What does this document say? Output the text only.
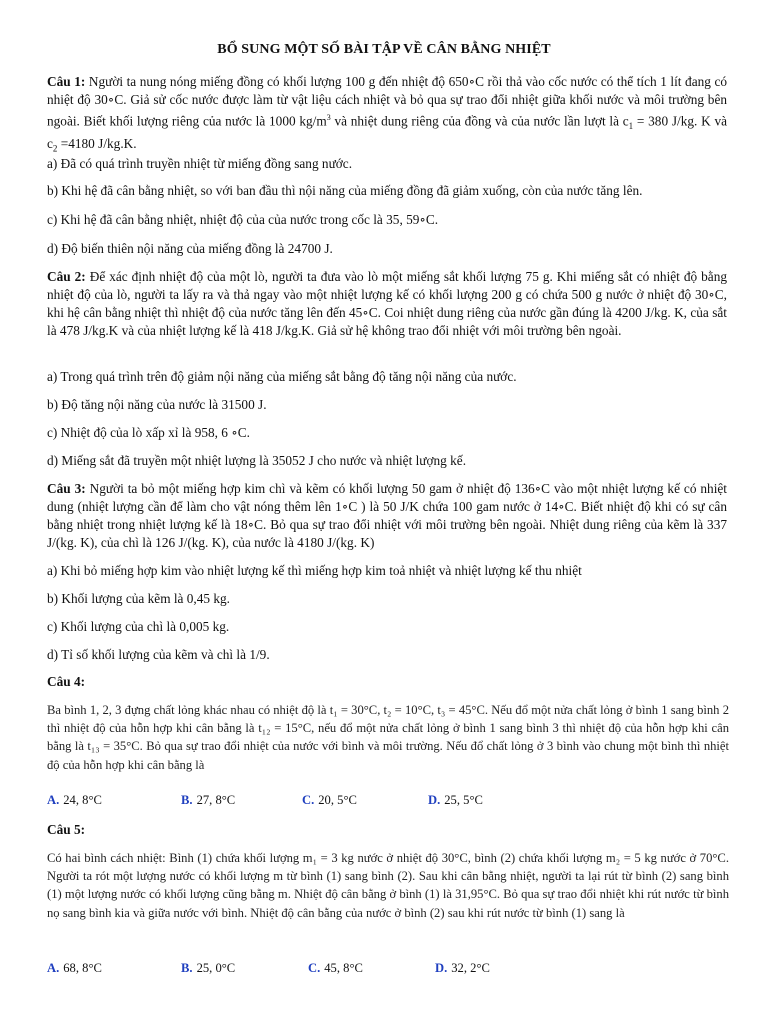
BỔ SUNG MỘT SỐ BÀI TẬP VỀ CÂN BẰNG NHIỆT
Câu 1: Người ta nung nóng miếng đồng có khối lượng 100 g đến nhiệt độ 650∘C rồi thả vào cốc nước có thể tích 1 lít đang có nhiệt độ 30∘C. Giả sử cốc nước được làm từ vật liệu cách nhiệt và bỏ qua sự trao đổi nhiệt giữa khối nước và môi trường bên ngoài. Biết khối lượng riêng của nước là 1000 $kg/m^3$ và nhiệt dung riêng của đồng và của nước lần lượt là $c_1 = 380$ J/kg. K và $c_2 =4180$ J/kg.K.
a) Đã có quá trình truyền nhiệt từ miếng đồng sang nước.
b) Khi hệ đã cân bằng nhiệt, so với ban đầu thì nội năng của miếng đồng đã giảm xuống, còn của nước tăng lên.
c) Khi hệ đã cân bằng nhiệt, nhiệt độ của của nước trong cốc là 35, 59∘C.
d) Độ biến thiên nội năng của miếng đồng là 24700 J.
Câu 2: Để xác định nhiệt độ của một lò, người ta đưa vào lò một miếng sắt khối lượng 75 g. Khi miếng sắt có nhiệt độ bằng nhiệt độ của lò, người ta lấy ra và thả ngay vào một nhiệt lượng kế có khối lượng 200 g có chứa 500 g nước ở nhiệt độ 30∘C, khi hệ cân bằng nhiệt thì nhiệt độ của nước tăng lên đến 45∘C. Coi nhiệt dung riêng của nước gần đúng là 4200 J/kg. K, của sắt là 478 J/kg.K và của nhiệt lượng kế là 418 J/kg.K. Giả sử hệ không trao đổi nhiệt với môi trường bên ngoài.
a) Trong quá trình trên độ giảm nội năng của miếng sắt bằng độ tăng nội năng của nước.
b) Độ tăng nội năng của nước là 31500 J.
c) Nhiệt độ của lò xấp xỉ là 958, 6 ∘C.
d) Miếng sắt đã truyền một nhiệt lượng là 35052 J cho nước và nhiệt lượng kế.
Câu 3: Người ta bỏ một miếng hợp kim chì và kẽm có khối lượng 50 gam ở nhiệt độ 136∘C vào một nhiệt lượng kế có nhiệt dung (nhiệt lượng cần để làm cho vật nóng thêm lên 1∘C ) là 50 J/K chứa 100 gam nước ở 14∘C. Biết nhiệt độ khi có sự cân bằng nhiệt trong nhiệt lượng kế là 18∘C. Bỏ qua sự trao đổi nhiệt với môi trường bên ngoài. Nhiệt dung riêng của kẽm là 337 J/(kg. K), của chì là 126 J/(kg. K), của nước là 4180 J/(kg. K)
a) Khi bỏ miếng hợp kim vào nhiệt lượng kế thì miếng hợp kim toả nhiệt và nhiệt lượng kế thu nhiệt
b) Khối lượng của kẽm là 0,45 kg.
c) Khối lượng của chì là 0,005 kg.
d) Tỉ số khối lượng của kẽm và chì là 1/9.
Câu 4:
Ba bình 1, 2, 3 đựng chất lỏng khác nhau có nhiệt độ là t₁ = 30°C, t₂ = 10°C, t₃ = 45°C. Nếu đổ một nửa chất lỏng ở bình 1 sang bình 2 thì nhiệt độ của hỗn hợp khi cân bằng là t₁₂ = 15°C, nếu đổ một nửa chất lỏng ở bình 1 sang bình 3 thì nhiệt độ của hỗn hợp khi cân bằng là t₁₃ = 35°C. Bỏ qua sự trao đổi nhiệt của nước với bình và môi trường. Nếu đổ chất lỏng ở 3 bình vào chung một bình thì nhiệt độ của hỗn hợp khi cân bằng là
A. 24, 8°C	B. 27, 8°C	C. 20, 5°C	D. 25, 5°C
Câu 5:
Có hai bình cách nhiệt: Bình (1) chứa khối lượng m₁ = 3 kg nước ở nhiệt độ 30°C, bình (2) chứa khối lượng m₂ = 5 kg nước ở 70°C. Người ta rót một lượng nước có khối lượng m từ bình (1) sang bình (2). Sau khi cân bằng nhiệt, người ta lại rút từ bình (2) sang bình (1) một lượng nước có khối lượng cũng bằng m. Nhiệt độ cân bằng ở bình (1) là 31,95°C. Bỏ qua sự trao đổi nhiệt khi rút nước từ bình nọ sang bình kia và giữa nước với bình. Nhiệt độ cân bằng của nước ở bình (2) sau khi rút nước từ bình (1) sang là
A. 68, 8°C	B. 25, 0°C	C. 45, 8°C	D. 32, 2°C
